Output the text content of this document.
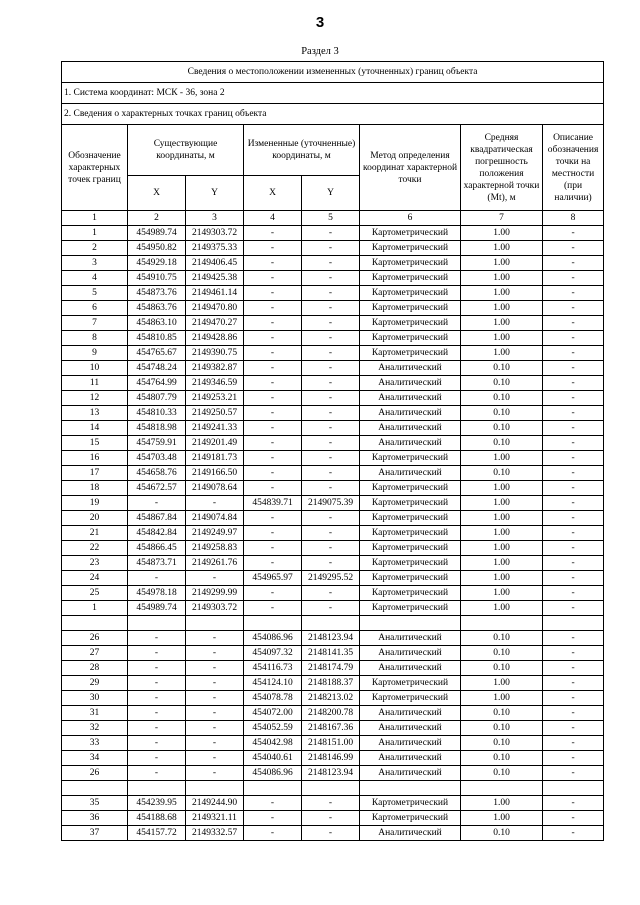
3
Раздел 3
Сведения о местоположении измененных (уточненных) границ объекта							
1. Система координат: МСК - 36, зона 2							
2. Сведения о характерных точках границ объекта							
Обозначение характерных точек границ	Существующие координаты, м		Измененные (уточненные) координаты, м		Метод определения координат характерной точки	Средняя квадратическая погрешность положения характерной точки (Mt), м	Описание обозначения точки на местности (при наличии)
	X	Y	X	Y			
1	2	3	4	5	6	7	8
1	454989.74	2149303.72	-	-	Картометрический	1.00	-
2	454950.82	2149375.33	-	-	Картометрический	1.00	-
3	454929.18	2149406.45	-	-	Картометрический	1.00	-
4	454910.75	2149425.38	-	-	Картометрический	1.00	-
5	454873.76	2149461.14	-	-	Картометрический	1.00	-
6	454863.76	2149470.80	-	-	Картометрический	1.00	-
7	454863.10	2149470.27	-	-	Картометрический	1.00	-
8	454810.85	2149428.86	-	-	Картометрический	1.00	-
9	454765.67	2149390.75	-	-	Картометрический	1.00	-
10	454748.24	2149382.87	-	-	Аналитический	0.10	-
11	454764.99	2149346.59	-	-	Аналитический	0.10	-
12	454807.79	2149253.21	-	-	Аналитический	0.10	-
13	454810.33	2149250.57	-	-	Аналитический	0.10	-
14	454818.98	2149241.33	-	-	Аналитический	0.10	-
15	454759.91	2149201.49	-	-	Аналитический	0.10	-
16	454703.48	2149181.73	-	-	Картометрический	1.00	-
17	454658.76	2149166.50	-	-	Аналитический	0.10	-
18	454672.57	2149078.64	-	-	Картометрический	1.00	-
19	-	-	454839.71	2149075.39	Картометрический	1.00	-
20	454867.84	2149074.84	-	-	Картометрический	1.00	-
21	454842.84	2149249.97	-	-	Картометрический	1.00	-
22	454866.45	2149258.83	-	-	Картометрический	1.00	-
23	454873.71	2149261.76	-	-	Картометрический	1.00	-
24	-	-	454965.97	2149295.52	Картометрический	1.00	-
25	454978.18	2149299.99	-	-	Картометрический	1.00	-
1	454989.74	2149303.72	-	-	Картометрический	1.00	-

26	-	-	454086.96	2148123.94	Аналитический	0.10	-
27	-	-	454097.32	2148141.35	Аналитический	0.10	-
28	-	-	454116.73	2148174.79	Аналитический	0.10	-
29	-	-	454124.10	2148188.37	Картометрический	1.00	-
30	-	-	454078.78	2148213.02	Картометрический	1.00	-
31	-	-	454072.00	2148200.78	Аналитический	0.10	-
32	-	-	454052.59	2148167.36	Аналитический	0.10	-
33	-	-	454042.98	2148151.00	Аналитический	0.10	-
34	-	-	454040.61	2148146.99	Аналитический	0.10	-
26	-	-	454086.96	2148123.94	Аналитический	0.10	-

35	454239.95	2149244.90	-	-	Картометрический	1.00	-
36	454188.68	2149321.11	-	-	Картометрический	1.00	-
37	454157.72	2149332.57	-	-	Аналитический	0.10	-
